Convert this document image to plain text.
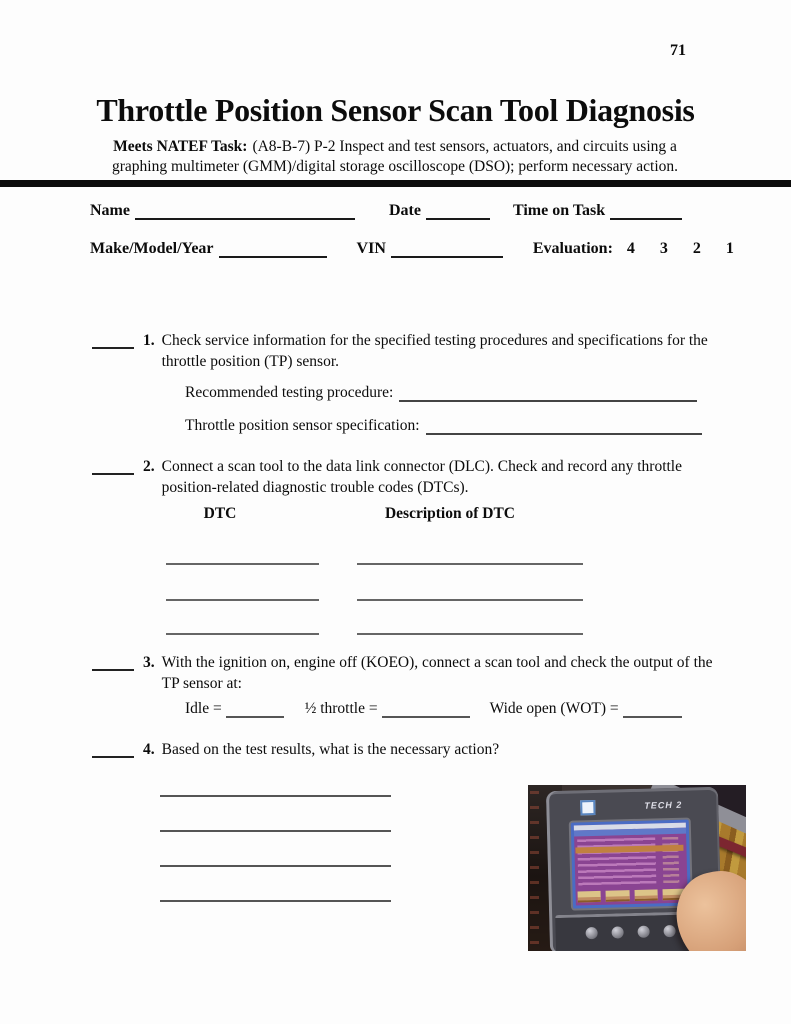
71
Throttle Position Sensor Scan Tool Diagnosis

Meets NATEF Task: (A8-B-7) P-2 Inspect and test sensors, actuators, and circuits using a graphing multimeter (GMM)/digital storage oscilloscope (DSO); perform necessary action.

Name	Date	Time on Task
Make/Model/Year	VIN	Evaluation: 4 3 2 1
1. Check service information for the specified testing procedures and specifications for the throttle position (TP) sensor.
Recommended testing procedure:
Throttle position sensor specification:
2. Connect a scan tool to the data link connector (DLC). Check and record any throttle position-related diagnostic trouble codes (DTCs).
DTC	Description of DTC
3. With the ignition on, engine off (KOEO), connect a scan tool and check the output of the TP sensor at:
Idle =	½ throttle =	Wide open (WOT) =
4. Based on the test results, what is the necessary action?
TECH 2
